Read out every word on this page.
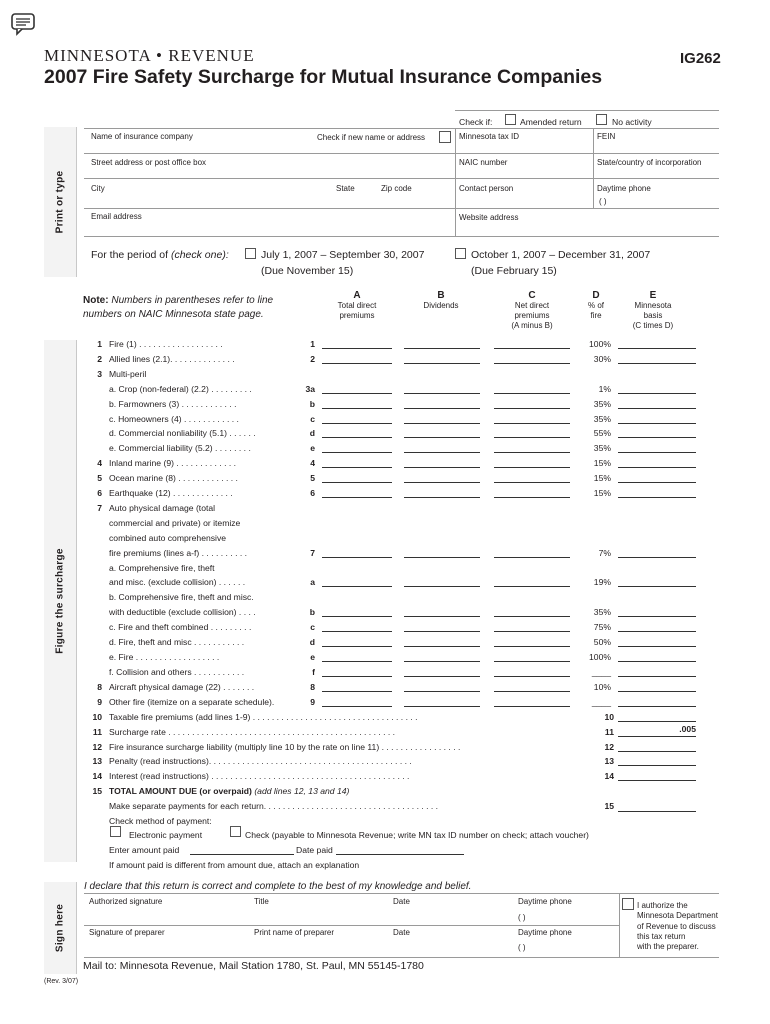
MINNESOTA • REVENUE	IG262
2007 Fire Safety Surcharge for Mutual Insurance Companies
Print or type
Figure the surcharge
Sign here
Check if:	Amended return	No activity
Name of insurance company	Check if new name or address	Minnesota tax ID	FEIN
Street address or post office box	NAIC number	State/country of incorporation
City	State	Zip code	Contact person	Daytime phone
( )
Email address	Website address
For the period of (check one):	July 1, 2007 – September 30, 2007
(Due November 15)
October 1, 2007 – December 31, 2007
(Due February 15)
Note: Numbers in parentheses refer to line
numbers on NAIC Minnesota state page.
A
Total direct
premiums
B
Dividends
C
Net direct
premiums
(A minus B)
D
% of
fire
E
Minnesota
basis
(C times D)
1 Fire (1) . . . . . . . . . . . . . . . . . .	1	100%
2 Allied lines (2.1). . . . . . . . . . . . . .	2	30%
3 Multi-peril
a. Crop (non-federal) (2.2) . . . . . . . . .	3a	1%
b. Farmowners (3) . . . . . . . . . . . .	b	35%
c. Homeowners (4) . . . . . . . . . . . .	c	35%
d. Commercial nonliability (5.1) . . . . . .	d	55%
e. Commercial liability (5.2) . . . . . . . .	e	35%
4 Inland marine (9) . . . . . . . . . . . . .	4	15%
5 Ocean marine (8) . . . . . . . . . . . . .	5	15%
6 Earthquake (12) . . . . . . . . . . . . .	6	15%
7 Auto physical damage (total
commercial and private) or itemize
combined auto comprehensive
fire premiums (lines a-f) . . . . . . . . . .	7	7%
a. Comprehensive fire, theft
and misc. (exclude collision) . . . . . .	a	19%
b. Comprehensive fire, theft and misc.
with deductible (exclude collision) . . . .	b	35%
c. Fire and theft combined . . . . . . . . .	c	75%
d. Fire, theft and misc . . . . . . . . . . .	d	50%
e. Fire . . . . . . . . . . . . . . . . . .	e	100%
f. Collision and others . . . . . . . . . . .	f	____
8 Aircraft physical damage (22) . . . . . . .	8	10%
9 Other fire (itemize on a separate schedule).	9	____
10 Taxable fire premiums (add lines 1-9) . . . . . . . . . . . . . . . . . . . . . . . . . . . . . . . . . . .	10
11 Surcharge rate . . . . . . . . . . . . . . . . . . . . . . . . . . . . . . . . . . . . . . . . . . . . . . . .	11	.005
12 Fire insurance surcharge liability (multiply line 10 by the rate on line 11) . . . . . . . . . . . . . . . . .	12
13 Penalty (read instructions). . . . . . . . . . . . . . . . . . . . . . . . . . . . . . . . . . . . . . . . . . .	13
14 Interest (read instructions) . . . . . . . . . . . . . . . . . . . . . . . . . . . . . . . . . . . . . . . . . .	14
15 TOTAL AMOUNT DUE (or overpaid) (add lines 12, 13 and 14)
Make separate payments for each return. . . . . . . . . . . . . . . . . . . . . . . . . . . . . . . . . . . . .	15
Check method of payment:
Electronic payment	Check (payable to Minnesota Revenue; write MN tax ID number on check; attach voucher)
Enter amount paid	Date paid
If amount paid is different from amount due, attach an explanation
I declare that this return is correct and complete to the best of my knowledge and belief.
Authorized signature	Title	Date	Daytime phone
( )
Signature of preparer	Print name of preparer	Date	Daytime phone
( )
I authorize the
Minnesota Department
of Revenue to discuss
this tax return
with the preparer.
Mail to: Minnesota Revenue, Mail Station 1780, St. Paul, MN 55145-1780
(Rev. 3/07)
